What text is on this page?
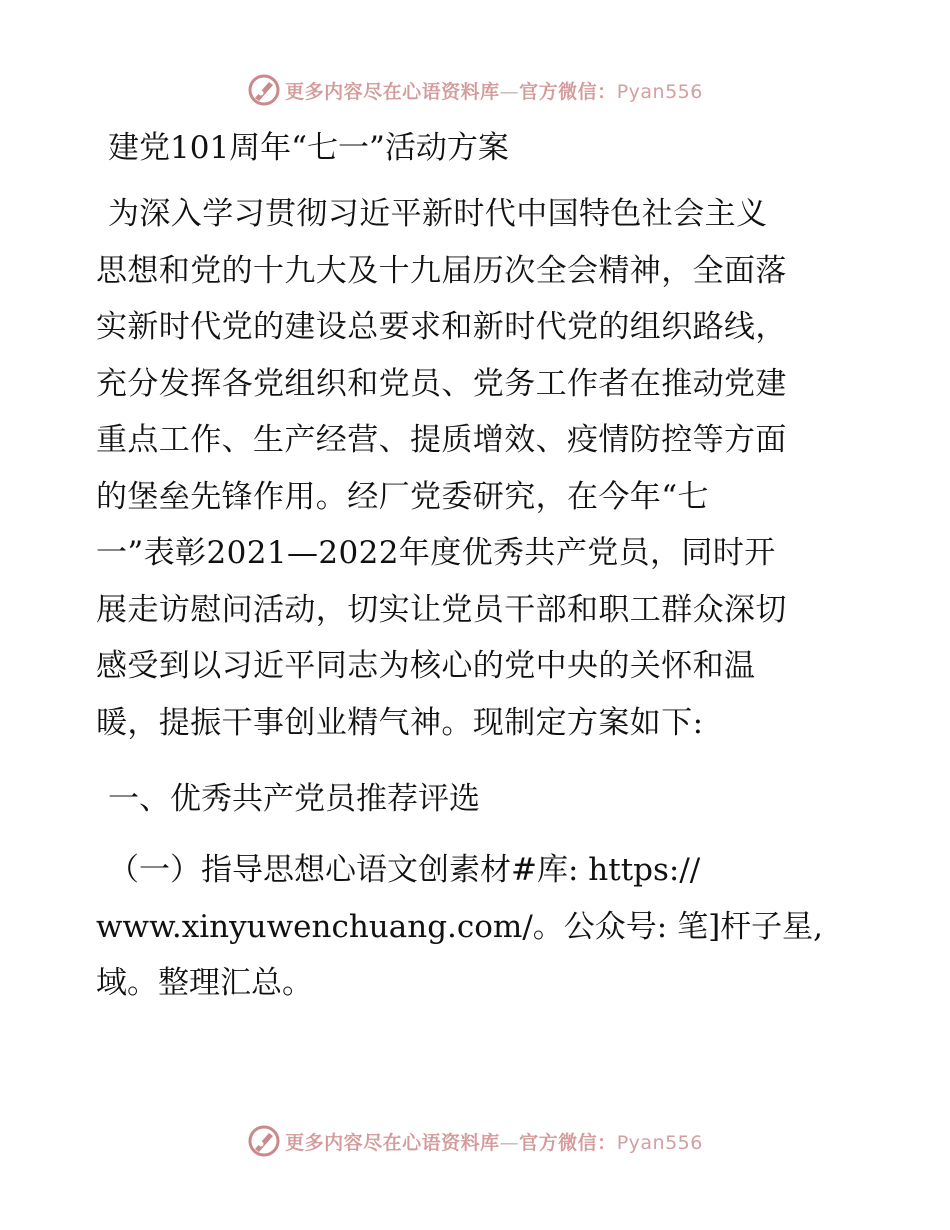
更多内容尽在心语资料库—官方微信：Pyan556
建党101周年“七一”活动方案
为深入学习贯彻习近平新时代中国特色社会主义
思想和党的十九大及十九届历次全会精神，全面落
实新时代党的建设总要求和新时代党的组织路线，
充分发挥各党组织和党员、党务工作者在推动党建
重点工作、生产经营、提质增效、疫情防控等方面
的堡垒先锋作用。经厂党委研究，在今年“七
一”表彰2021—2022年度优秀共产党员，同时开
展走访慰问活动，切实让党员干部和职工群众深切
感受到以习近平同志为核心的党中央的关怀和温
暖，提振干事创业精气神。现制定方案如下:
一、优秀共产党员推荐评选
（一）指导思想心语文创素材#库: https://
www.xinyuwenchuang.com/。公众号: 笔]杆子星,
域。整理汇总。
更多内容尽在心语资料库—官方微信：Pyan556
